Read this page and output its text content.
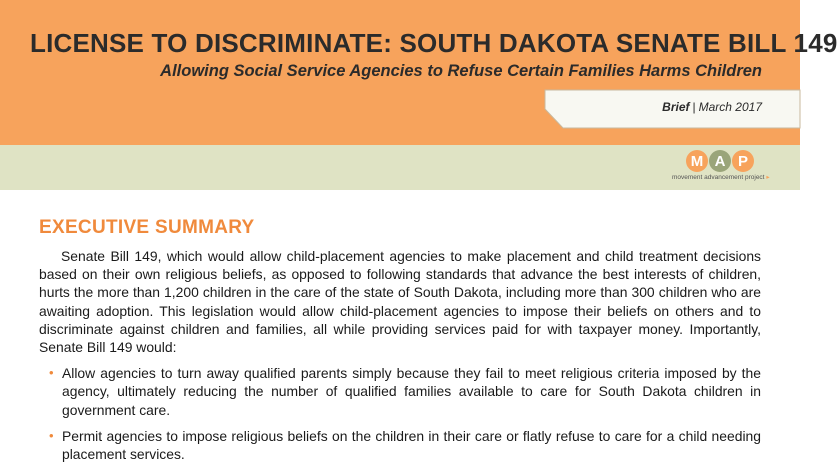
LICENSE TO DISCRIMINATE: SOUTH DAKOTA SENATE BILL 149
Allowing Social Service Agencies to Refuse Certain Families Harms Children
Brief | March 2017
M A P
movement advancement project ▸
EXECUTIVE SUMMARY

Senate Bill 149, which would allow child-placement agencies to make placement and child treatment decisions based on their own religious beliefs, as opposed to following standards that advance the best interests of children, hurts the more than 1,200 children in the care of the state of South Dakota, including more than 300 children who are awaiting adoption. This legislation would allow child-placement agencies to impose their beliefs on others and to discriminate against children and families, all while providing services paid for with taxpayer money. Importantly, Senate Bill 149 would:

• Allow agencies to turn away qualified parents simply because they fail to meet religious criteria imposed by the agency, ultimately reducing the number of qualified families available to care for South Dakota children in government care.
• Permit agencies to impose religious beliefs on the children in their care or flatly refuse to care for a child needing placement services.
